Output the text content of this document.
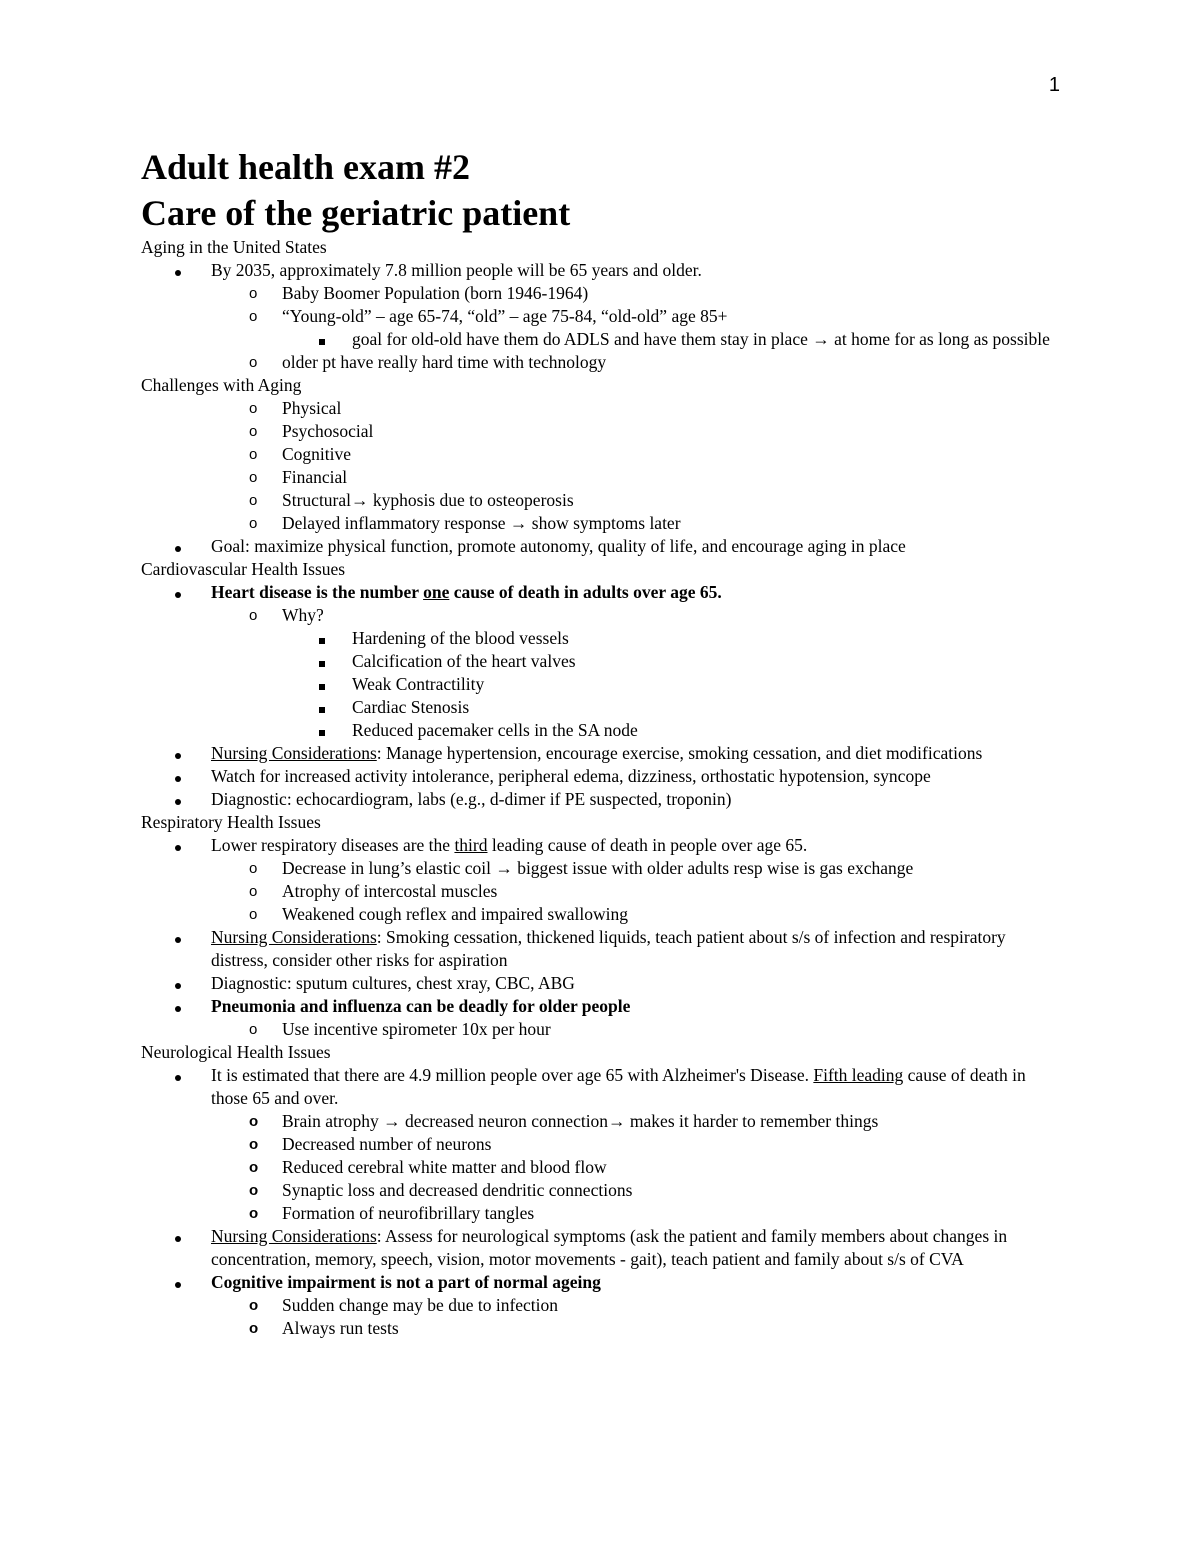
1
Adult health exam #2
Care of the geriatric patient
Aging in the United States
By 2035, approximately 7.8 million people will be 65 years and older.
o Baby Boomer Population (born 1946-1964)
o “Young-old” – age 65-74, “old” – age 75-84, “old-old” age 85+
goal for old-old have them do ADLS and have them stay in place → at home for as long as possible
o older pt have really hard time with technology
Challenges with Aging
o Physical
o Psychosocial
o Cognitive
o Financial
o Structural→ kyphosis due to osteoperosis
o Delayed inflammatory response → show symptoms later
Goal: maximize physical function, promote autonomy, quality of life, and encourage aging in place
Cardiovascular Health Issues
Heart disease is the number one cause of death in adults over age 65.
o Why?
Hardening of the blood vessels
Calcification of the heart valves
Weak Contractility
Cardiac Stenosis
Reduced pacemaker cells in the SA node
Nursing Considerations: Manage hypertension, encourage exercise, smoking cessation, and diet modifications
Watch for increased activity intolerance, peripheral edema, dizziness, orthostatic hypotension, syncope
Diagnostic: echocardiogram, labs (e.g., d-dimer if PE suspected, troponin)
Respiratory Health Issues
Lower respiratory diseases are the third leading cause of death in people over age 65.
o Decrease in lung’s elastic coil → biggest issue with older adults resp wise is gas exchange
o Atrophy of intercostal muscles
o Weakened cough reflex and impaired swallowing
Nursing Considerations: Smoking cessation, thickened liquids, teach patient about s/s of infection and respiratory distress, consider other risks for aspiration
Diagnostic: sputum cultures, chest xray, CBC, ABG
Pneumonia and influenza can be deadly for older people
o Use incentive spirometer 10x per hour
Neurological Health Issues
It is estimated that there are 4.9 million people over age 65 with Alzheimer's Disease. Fifth leading cause of death in those 65 and over.
o Brain atrophy → decreased neuron connection→ makes it harder to remember things
o Decreased number of neurons
o Reduced cerebral white matter and blood flow
o Synaptic loss and decreased dendritic connections
o Formation of neurofibrillary tangles
Nursing Considerations: Assess for neurological symptoms (ask the patient and family members about changes in concentration, memory, speech, vision, motor movements - gait), teach patient and family about s/s of CVA
Cognitive impairment is not a part of normal ageing
o Sudden change may be due to infection
o Always run tests
